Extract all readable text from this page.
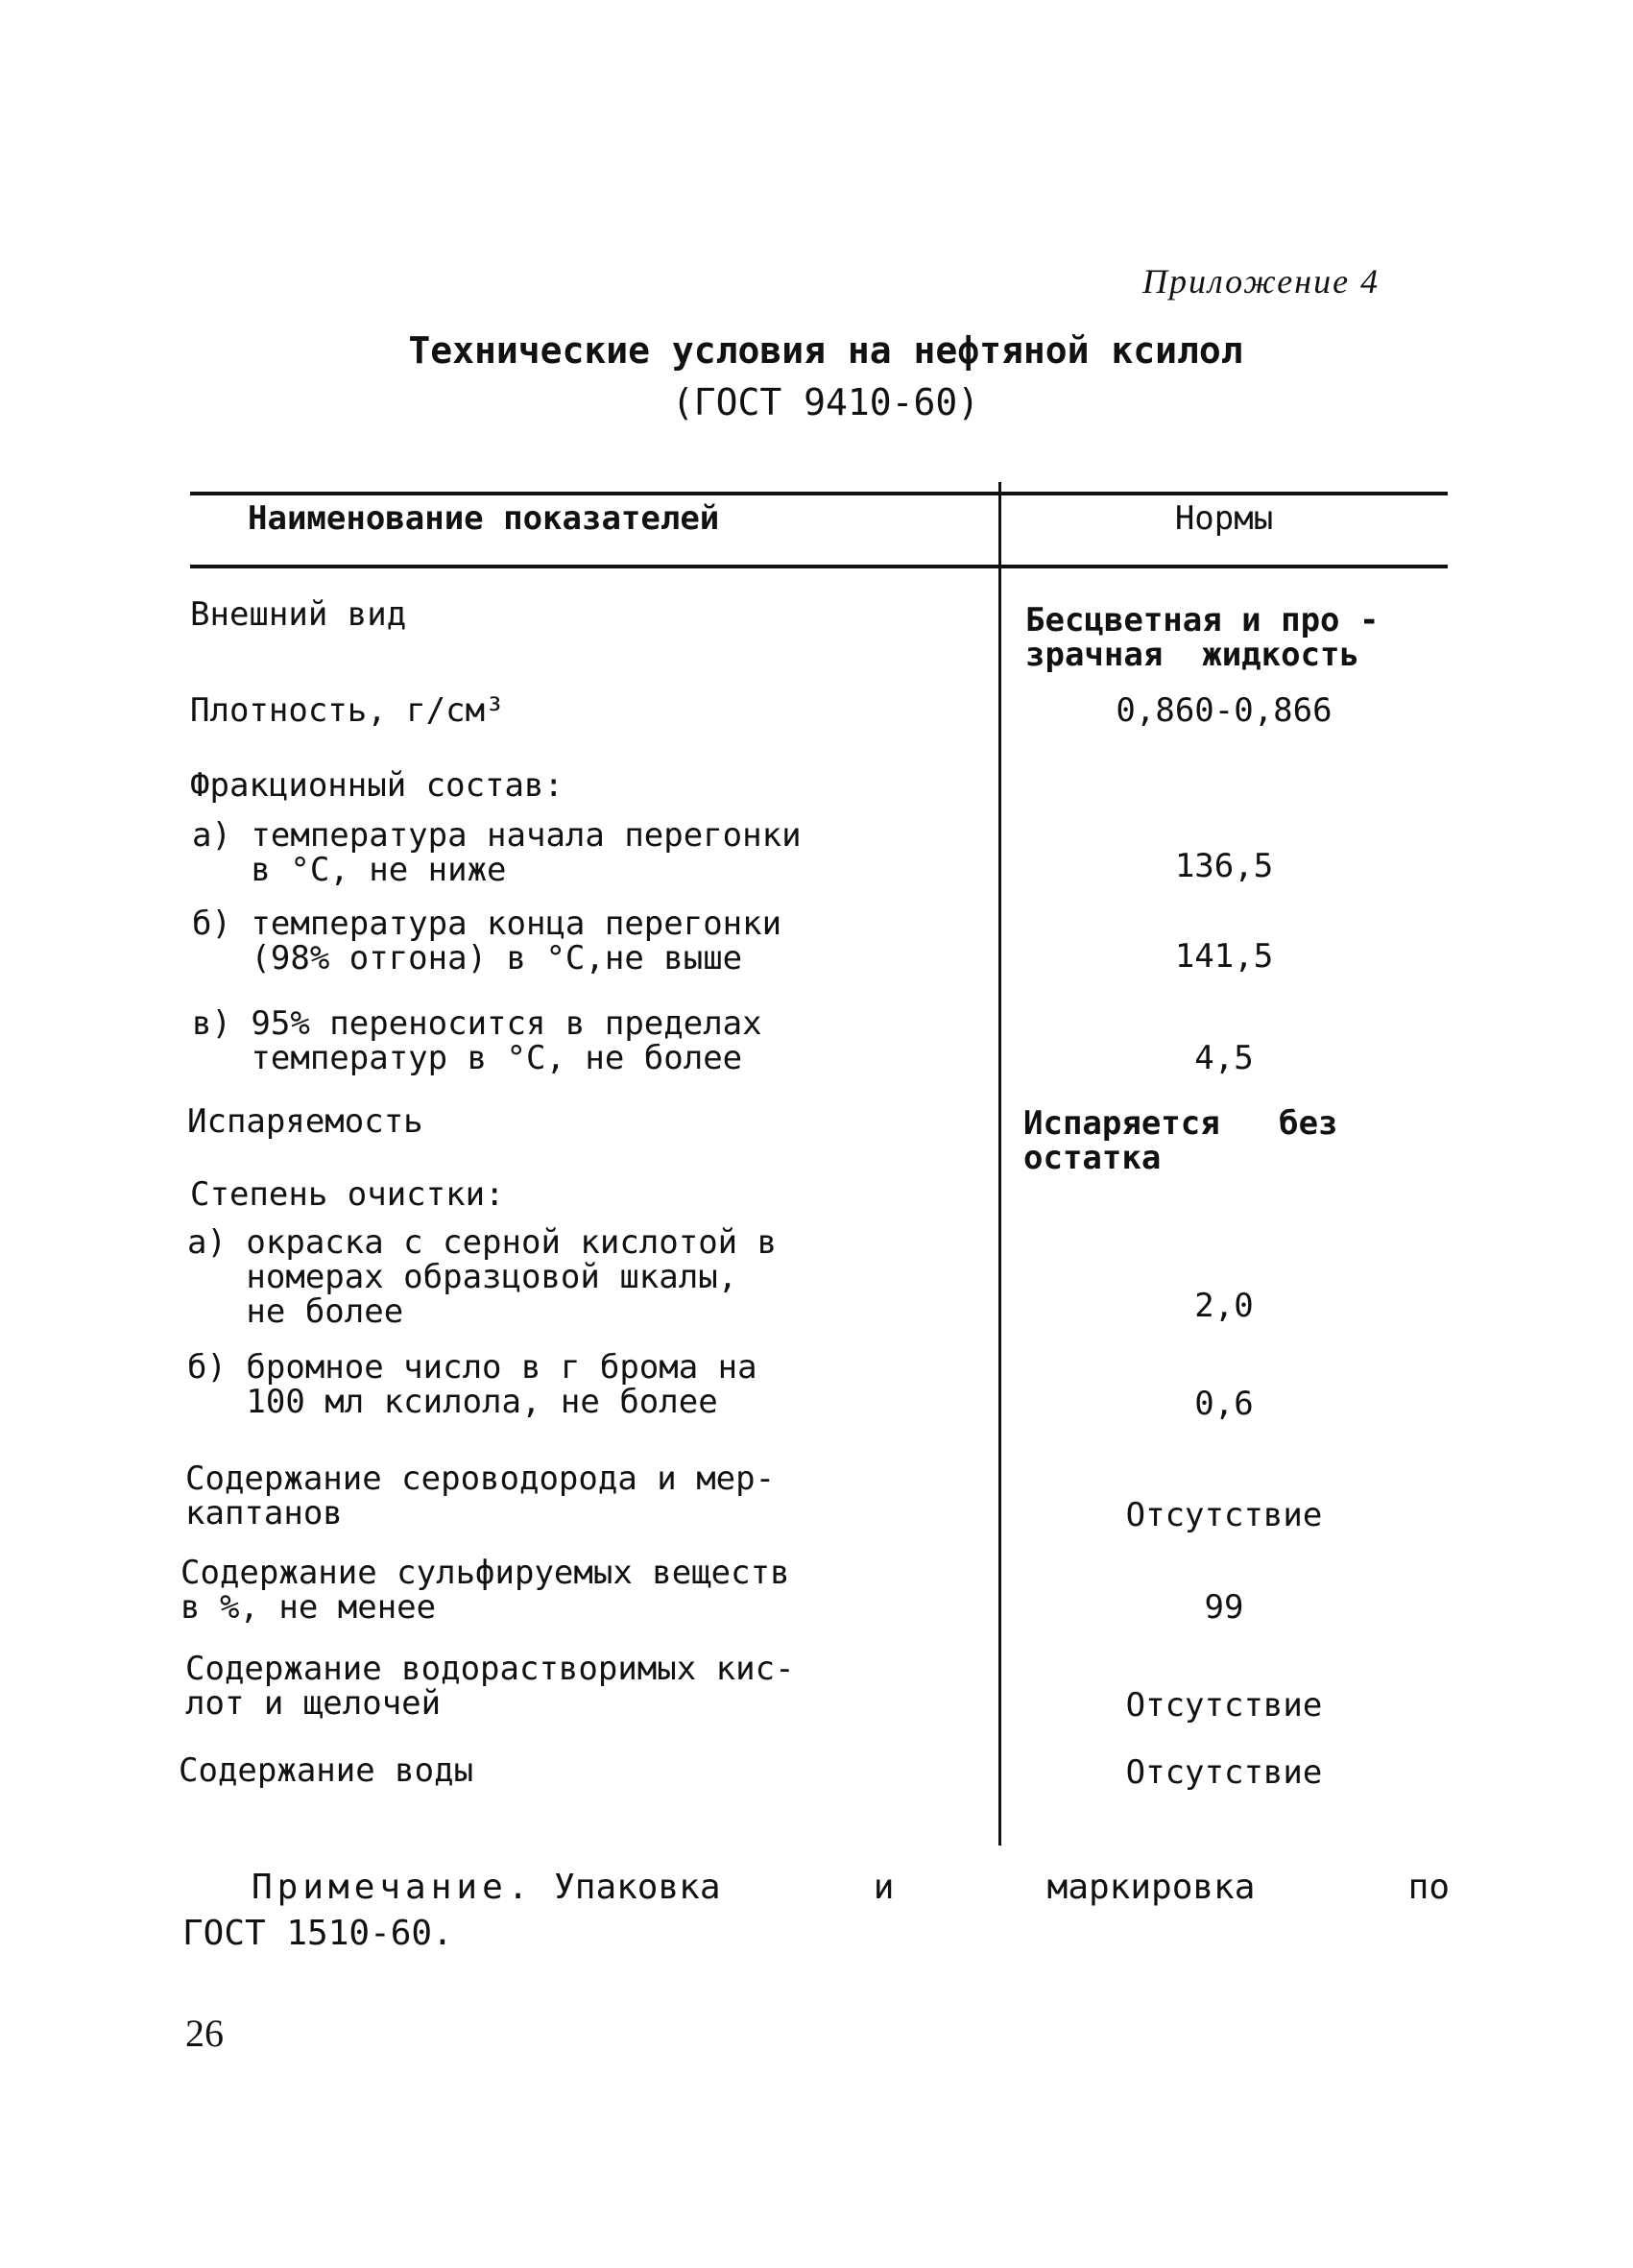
Приложение 4
Технические условия на нефтяной ксилол
(ГОСТ 9410-60)
Наименование показателей	Нормы
Внешний вид	Бесцветная и про -
зрачная  жидкость
Плотность, г/см³	0,860-0,866
Фракционный состав:
а) температура начала перегонки
в °С, не ниже	136,5
б) температура конца перегонки
(98% отгона) в °С,не выше	141,5
в) 95% переносится в пределах
температур в °С, не более	4,5
Испаряемость	Испаряется   без
остатка
Степень очистки:
а) окраска с серной кислотой в
номерах образцовой шкалы,
не более	2,0
б) бромное число в г брома на
100 мл ксилола, не более	0,6
Содержание сероводорода и мер-
каптанов	Отсутствие
Содержание сульфируемых веществ
в %, не менее	99
Содержание водорастворимых кис-
лот и щелочей	Отсутствие
Содержание воды	Отсутствие
Примечание. Упаковка	и	маркировка	по
ГОСТ 1510-60.
26
